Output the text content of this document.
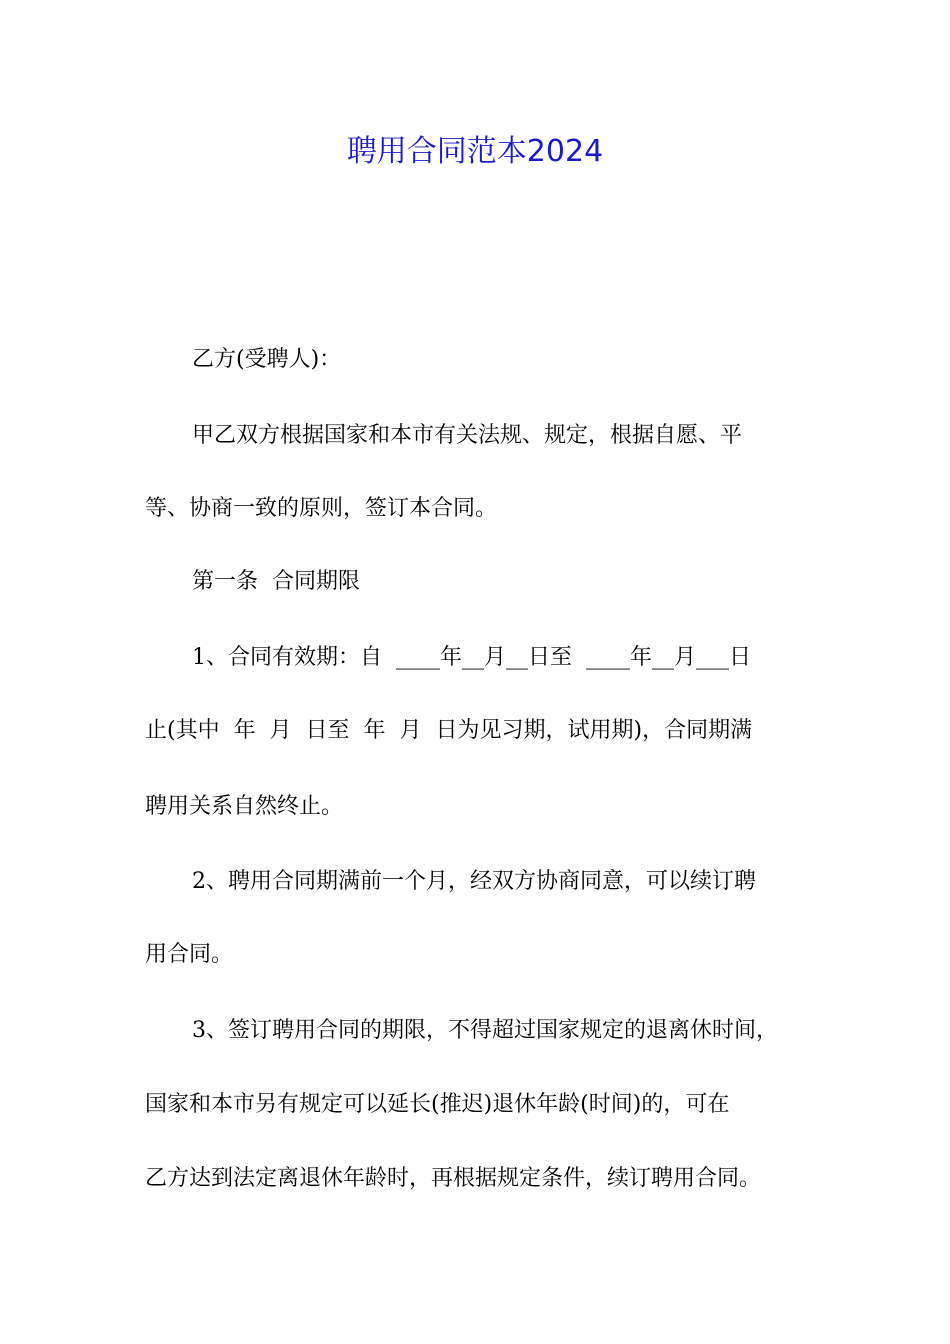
聘用合同范本2024
乙方(受聘人)：
甲乙双方根据国家和本市有关法规、规定，根据自愿、平
等、协商一致的原则，签订本合同。
第一条  合同期限
1、合同有效期：自  ____年__月__日至  ____年__月___日
止(其中  年  月  日至  年  月  日为见习期，试用期)，合同期满
聘用关系自然终止。
2、聘用合同期满前一个月，经双方协商同意，可以续订聘
用合同。
3、签订聘用合同的期限，不得超过国家规定的退离休时间，
国家和本市另有规定可以延长(推迟)退休年龄(时间)的，可在
乙方达到法定离退休年龄时，再根据规定条件，续订聘用合同。
